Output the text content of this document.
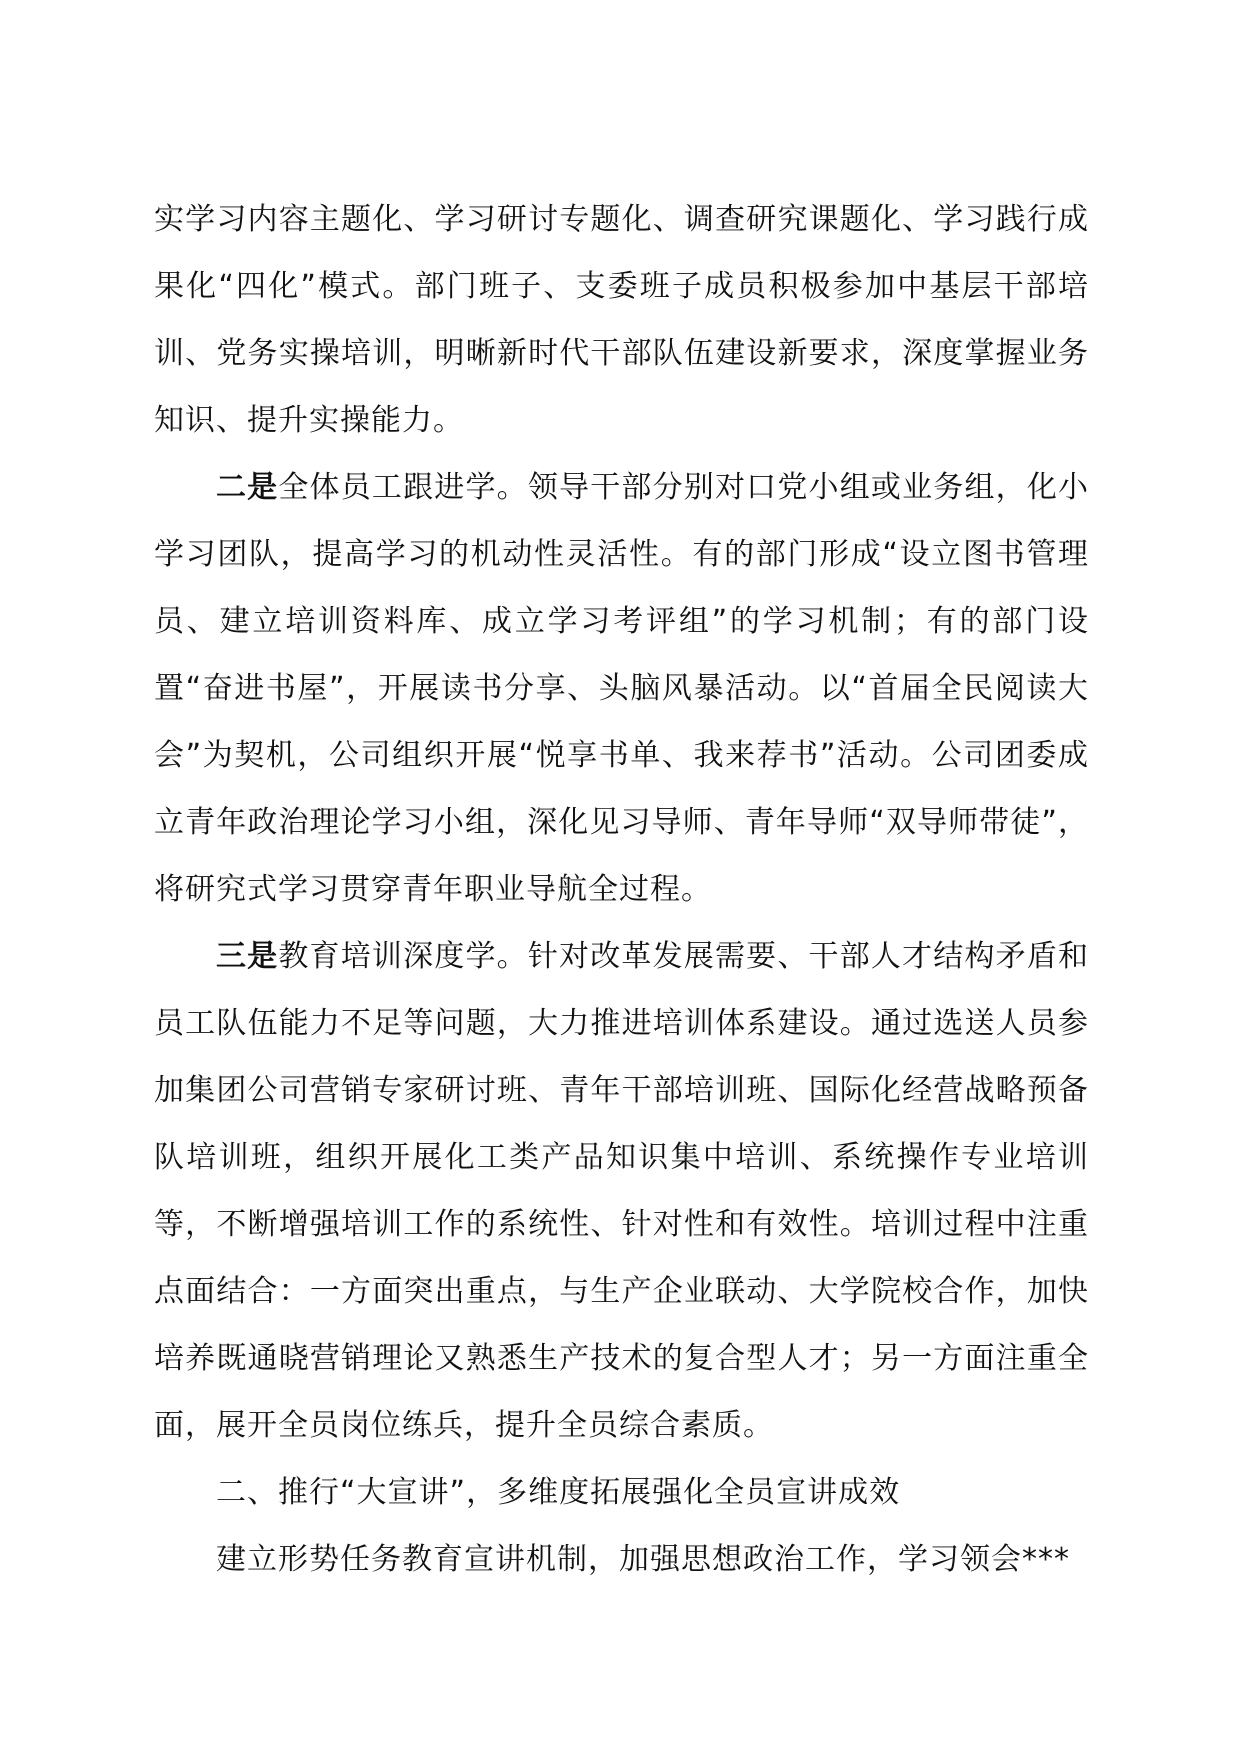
实学习内容主题化、学习研讨专题化、调查研究课题化、学习践行成果化“四化”模式。部门班子、支委班子成员积极参加中基层干部培训、党务实操培训，明晰新时代干部队伍建设新要求，深度掌握业务知识、提升实操能力。

二是全体员工跟进学。领导干部分别对口党小组或业务组，化小学习团队，提高学习的机动性灵活性。有的部门形成“设立图书管理员、建立培训资料库、成立学习考评组”的学习机制；有的部门设置“奋进书屋”，开展读书分享、头脑风暴活动。以“首届全民阅读大会”为契机，公司组织开展“悦享书单、我来荐书”活动。公司团委成立青年政治理论学习小组，深化见习导师、青年导师“双导师带徒”，将研究式学习贯穿青年职业导航全过程。

三是教育培训深度学。针对改革发展需要、干部人才结构矛盾和员工队伍能力不足等问题，大力推进培训体系建设。通过选送人员参加集团公司营销专家研讨班、青年干部培训班、国际化经营战略预备队培训班，组织开展化工类产品知识集中培训、系统操作专业培训等，不断增强培训工作的系统性、针对性和有效性。培训过程中注重点面结合：一方面突出重点，与生产企业联动、大学院校合作，加快培养既通晓营销理论又熟悉生产技术的复合型人才；另一方面注重全面，展开全员岗位练兵，提升全员综合素质。

二、推行“大宣讲”，多维度拓展强化全员宣讲成效

建立形势任务教育宣讲机制，加强思想政治工作，学习领会***
